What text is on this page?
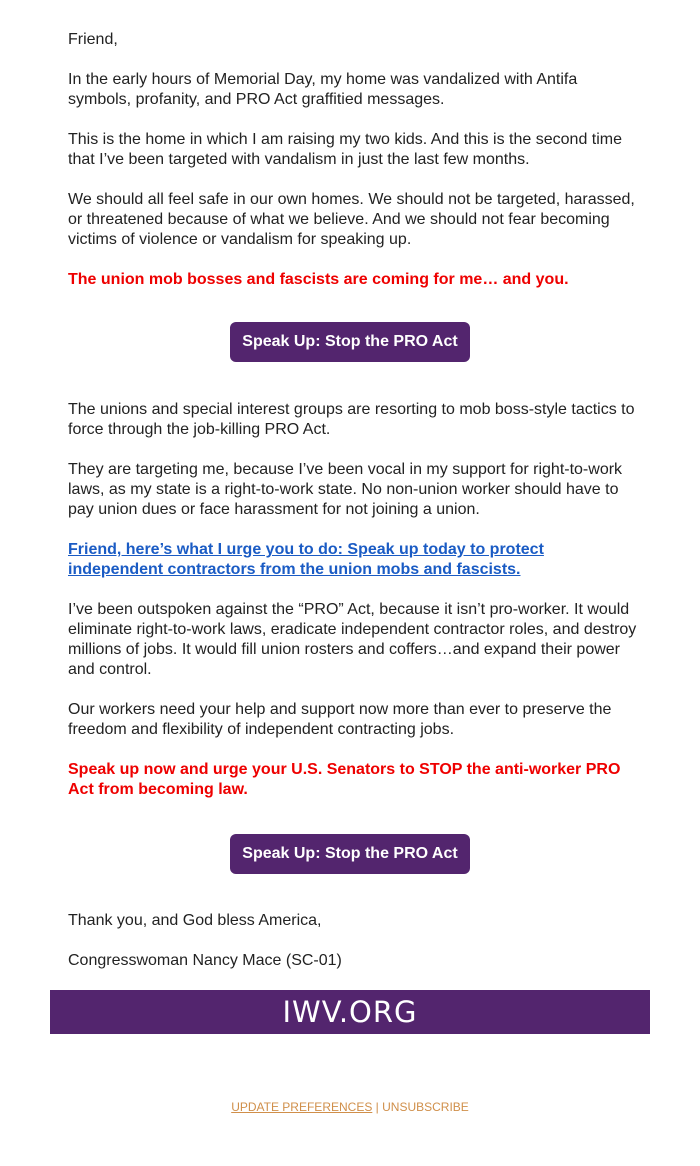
Friend,

In the early hours of Memorial Day, my home was vandalized with Antifa symbols, profanity, and PRO Act graffitied messages.

This is the home in which I am raising my two kids. And this is the second time that I’ve been targeted with vandalism in just the last few months.

We should all feel safe in our own homes. We should not be targeted, harassed, or threatened because of what we believe. And we should not fear becoming victims of violence or vandalism for speaking up.

The union mob bosses and fascists are coming for me… and you.

Speak Up: Stop the PRO Act

The unions and special interest groups are resorting to mob boss-style tactics to force through the job-killing PRO Act.

They are targeting me, because I’ve been vocal in my support for right-to-work laws, as my state is a right-to-work state. No non-union worker should have to pay union dues or face harassment for not joining a union.

Friend, here’s what I urge you to do: Speak up today to protect independent contractors from the union mobs and fascists.

I’ve been outspoken against the “PRO” Act, because it isn’t pro-worker. It would eliminate right-to-work laws, eradicate independent contractor roles, and destroy millions of jobs. It would fill union rosters and coffers…and expand their power and control.

Our workers need your help and support now more than ever to preserve the freedom and flexibility of independent contracting jobs.

Speak up now and urge your U.S. Senators to STOP the anti-worker PRO Act from becoming law.

Speak Up: Stop the PRO Act

Thank you, and God bless America,

Congresswoman Nancy Mace (SC-01)

IWV.ORG
UPDATE PREFERENCES | UNSUBSCRIBE
